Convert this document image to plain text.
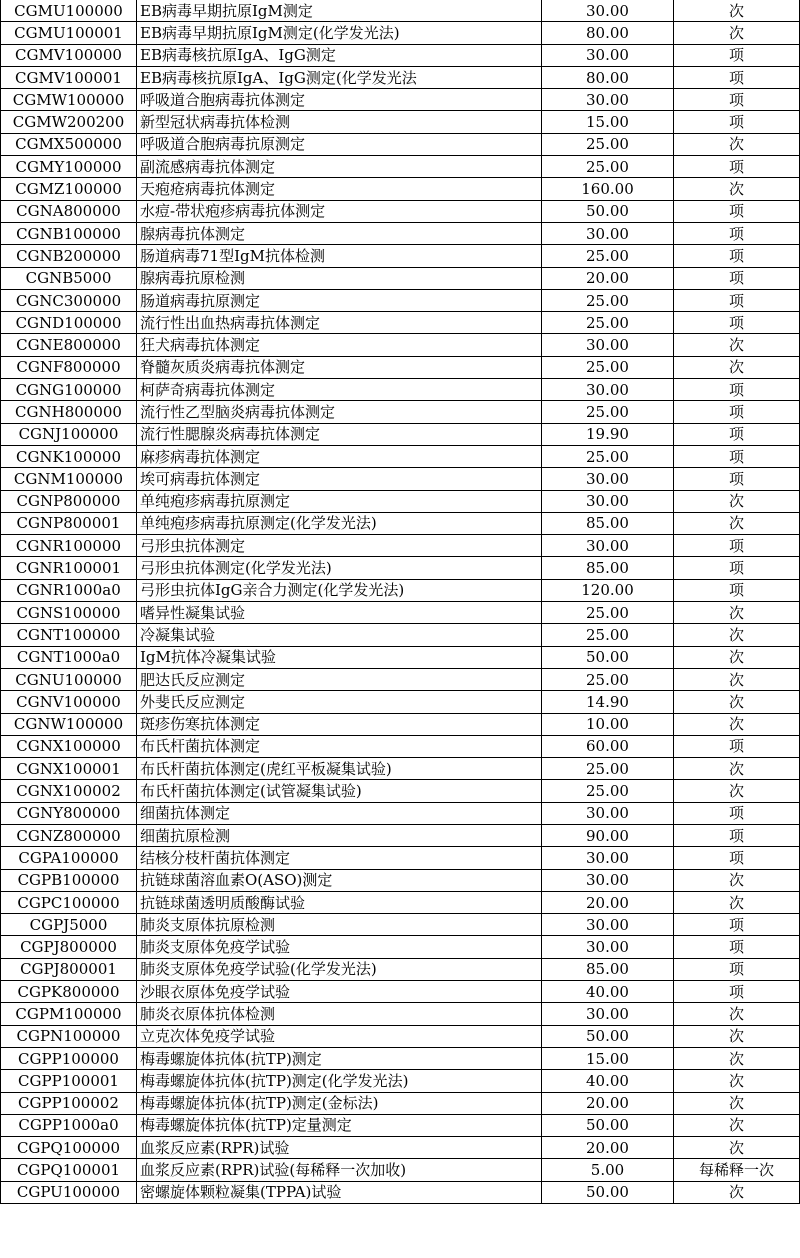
CGMU100000	EB病毒早期抗原IgM测定	30.00	次
CGMU100001	EB病毒早期抗原IgM测定(化学发光法)	80.00	次
CGMV100000	EB病毒核抗原IgA、IgG测定	30.00	项
CGMV100001	EB病毒核抗原IgA、IgG测定(化学发光法	80.00	项
CGMW100000	呼吸道合胞病毒抗体测定	30.00	项
CGMW200200	新型冠状病毒抗体检测	15.00	项
CGMX500000	呼吸道合胞病毒抗原测定	25.00	次
CGMY100000	副流感病毒抗体测定	25.00	项
CGMZ100000	天疱疮病毒抗体测定	160.00	次
CGNA800000	水痘-带状疱疹病毒抗体测定	50.00	项
CGNB100000	腺病毒抗体测定	30.00	项
CGNB200000	肠道病毒71型IgM抗体检测	25.00	项
CGNB5000	腺病毒抗原检测	20.00	项
CGNC300000	肠道病毒抗原测定	25.00	项
CGND100000	流行性出血热病毒抗体测定	25.00	项
CGNE800000	狂犬病毒抗体测定	30.00	次
CGNF800000	脊髓灰质炎病毒抗体测定	25.00	次
CGNG100000	柯萨奇病毒抗体测定	30.00	项
CGNH800000	流行性乙型脑炎病毒抗体测定	25.00	项
CGNJ100000	流行性腮腺炎病毒抗体测定	19.90	项
CGNK100000	麻疹病毒抗体测定	25.00	项
CGNM100000	埃可病毒抗体测定	30.00	项
CGNP800000	单纯疱疹病毒抗原测定	30.00	次
CGNP800001	单纯疱疹病毒抗原测定(化学发光法)	85.00	次
CGNR100000	弓形虫抗体测定	30.00	项
CGNR100001	弓形虫抗体测定(化学发光法)	85.00	项
CGNR1000a0	弓形虫抗体IgG亲合力测定(化学发光法)	120.00	项
CGNS100000	嗜异性凝集试验	25.00	次
CGNT100000	冷凝集试验	25.00	次
CGNT1000a0	IgM抗体冷凝集试验	50.00	次
CGNU100000	肥达氏反应测定	25.00	次
CGNV100000	外斐氏反应测定	14.90	次
CGNW100000	斑疹伤寒抗体测定	10.00	次
CGNX100000	布氏杆菌抗体测定	60.00	项
CGNX100001	布氏杆菌抗体测定(虎红平板凝集试验)	25.00	次
CGNX100002	布氏杆菌抗体测定(试管凝集试验)	25.00	次
CGNY800000	细菌抗体测定	30.00	项
CGNZ800000	细菌抗原检测	90.00	项
CGPA100000	结核分枝杆菌抗体测定	30.00	项
CGPB100000	抗链球菌溶血素O(ASO)测定	30.00	次
CGPC100000	抗链球菌透明质酸酶试验	20.00	次
CGPJ5000	肺炎支原体抗原检测	30.00	项
CGPJ800000	肺炎支原体免疫学试验	30.00	项
CGPJ800001	肺炎支原体免疫学试验(化学发光法)	85.00	项
CGPK800000	沙眼衣原体免疫学试验	40.00	项
CGPM100000	肺炎衣原体抗体检测	30.00	次
CGPN100000	立克次体免疫学试验	50.00	次
CGPP100000	梅毒螺旋体抗体(抗TP)测定	15.00	次
CGPP100001	梅毒螺旋体抗体(抗TP)测定(化学发光法)	40.00	次
CGPP100002	梅毒螺旋体抗体(抗TP)测定(金标法)	20.00	次
CGPP1000a0	梅毒螺旋体抗体(抗TP)定量测定	50.00	次
CGPQ100000	血浆反应素(RPR)试验	20.00	次
CGPQ100001	血浆反应素(RPR)试验(每稀释一次加收)	5.00	每稀释一次
CGPU100000	密螺旋体颗粒凝集(TPPA)试验	50.00	次
